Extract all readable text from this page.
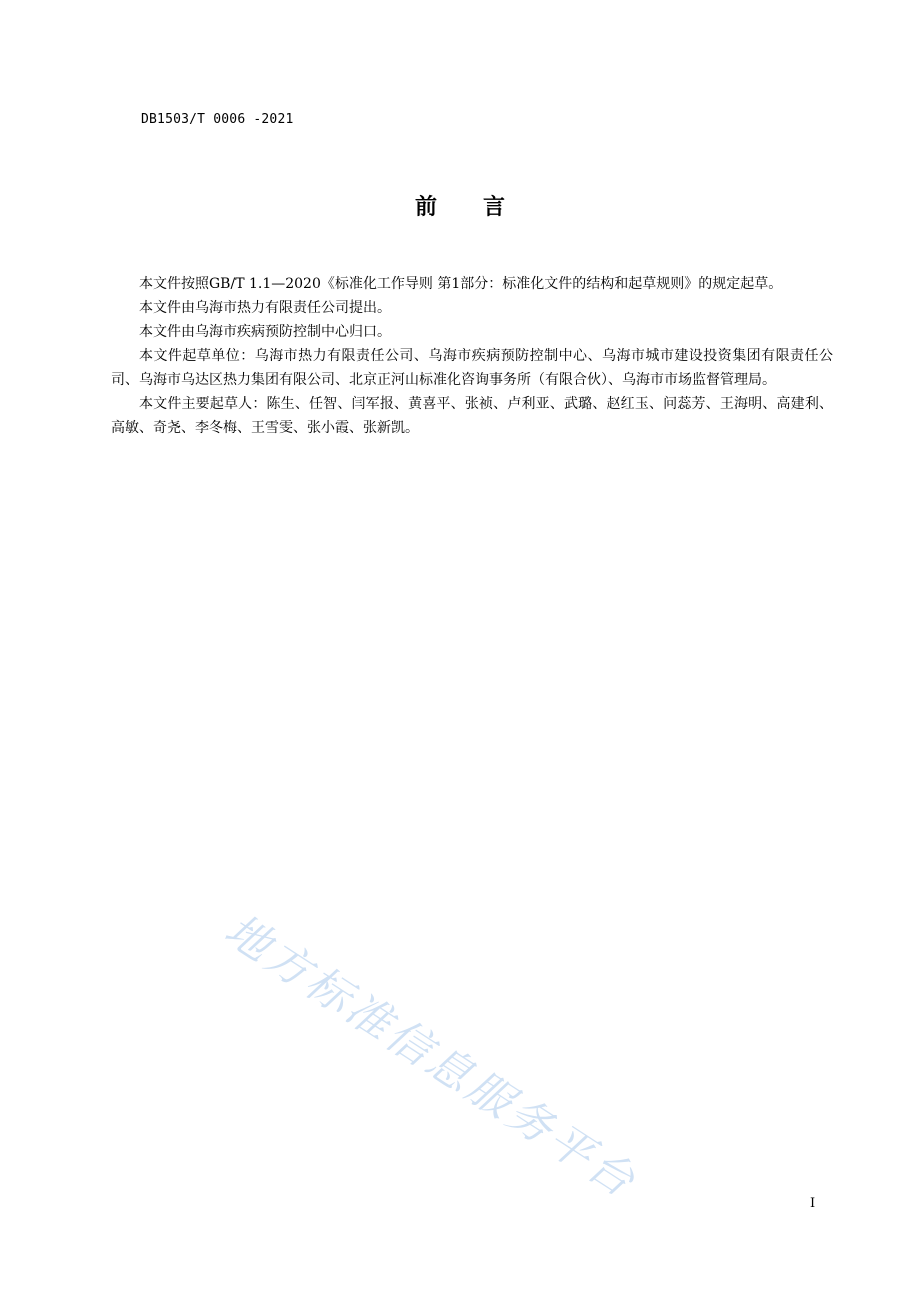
DB1503/T 0006 -2021
前言

本文件按照GB/T 1.1—2020《标准化工作导则 第1部分：标准化文件的结构和起草规则》的规定起草。

本文件由乌海市热力有限责任公司提出。

本文件由乌海市疾病预防控制中心归口。

本文件起草单位：乌海市热力有限责任公司、乌海市疾病预防控制中心、乌海市城市建设投资集团有限责任公司、乌海市乌达区热力集团有限公司、北京正河山标准化咨询事务所（有限合伙）、乌海市市场监督管理局。

本文件主要起草人：陈生、任智、闫军报、黄喜平、张祯、卢利亚、武璐、赵红玉、问蕊芳、王海明、高建利、高敏、奇尧、李冬梅、王雪雯、张小霞、张新凯。

地方标准信息服务平台	I
